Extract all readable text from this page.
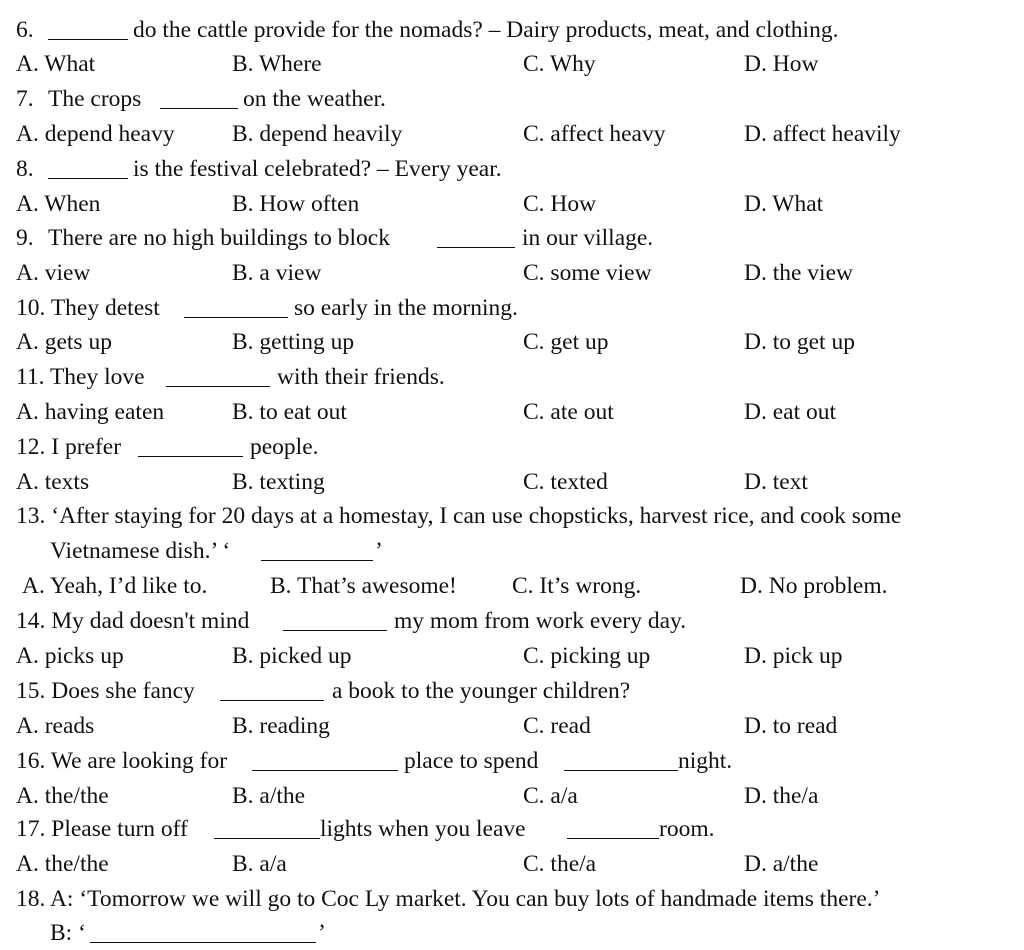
6.	do the cattle provide for the nomads? – Dairy products, meat, and clothing.
A. What	B. Where	C. Why	D. How
7. The crops	on the weather.
A. depend heavy B. depend heavily	C. affect heavy	D. affect heavily
8.	is the festival celebrated? – Every year.
A. When	B. How often	C. How	D. What
9. There are no high buildings to block	in our village.
A. view	B. a view	C. some view	D. the view
10. They detest	so early in the morning.
A. gets up	B. getting up	C. get up	D. to get up
11. They love	with their friends.
A. having eaten	B. to eat out	C. ate out	D. eat out
12. I prefer	people.
A. texts	B. texting	C. texted	D. text
13. ‘After staying for 20 days at a homestay, I can use chopsticks, harvest rice, and cook some
Vietnamese dish.’ ‘	’
A. Yeah, I’d like to.	B. That’s awesome! C. It’s wrong.	D. No problem.
14. My dad doesn't mind	my mom from work every day.
A. picks up	B. picked up	C. picking up	D. pick up
15. Does she fancy	a book to the younger children?
A. reads	B. reading	C. read	D. to read
16. We are looking for	place to spend	night.
A. the/the	B. a/the	C. a/a	D. the/a
17. Please turn off	lights when you leave	room.
A. the/the	B. a/a	C. the/a	D. a/the
18. A: ‘Tomorrow we will go to Coc Ly market. You can buy lots of handmade items there.’
B: ‘	’
